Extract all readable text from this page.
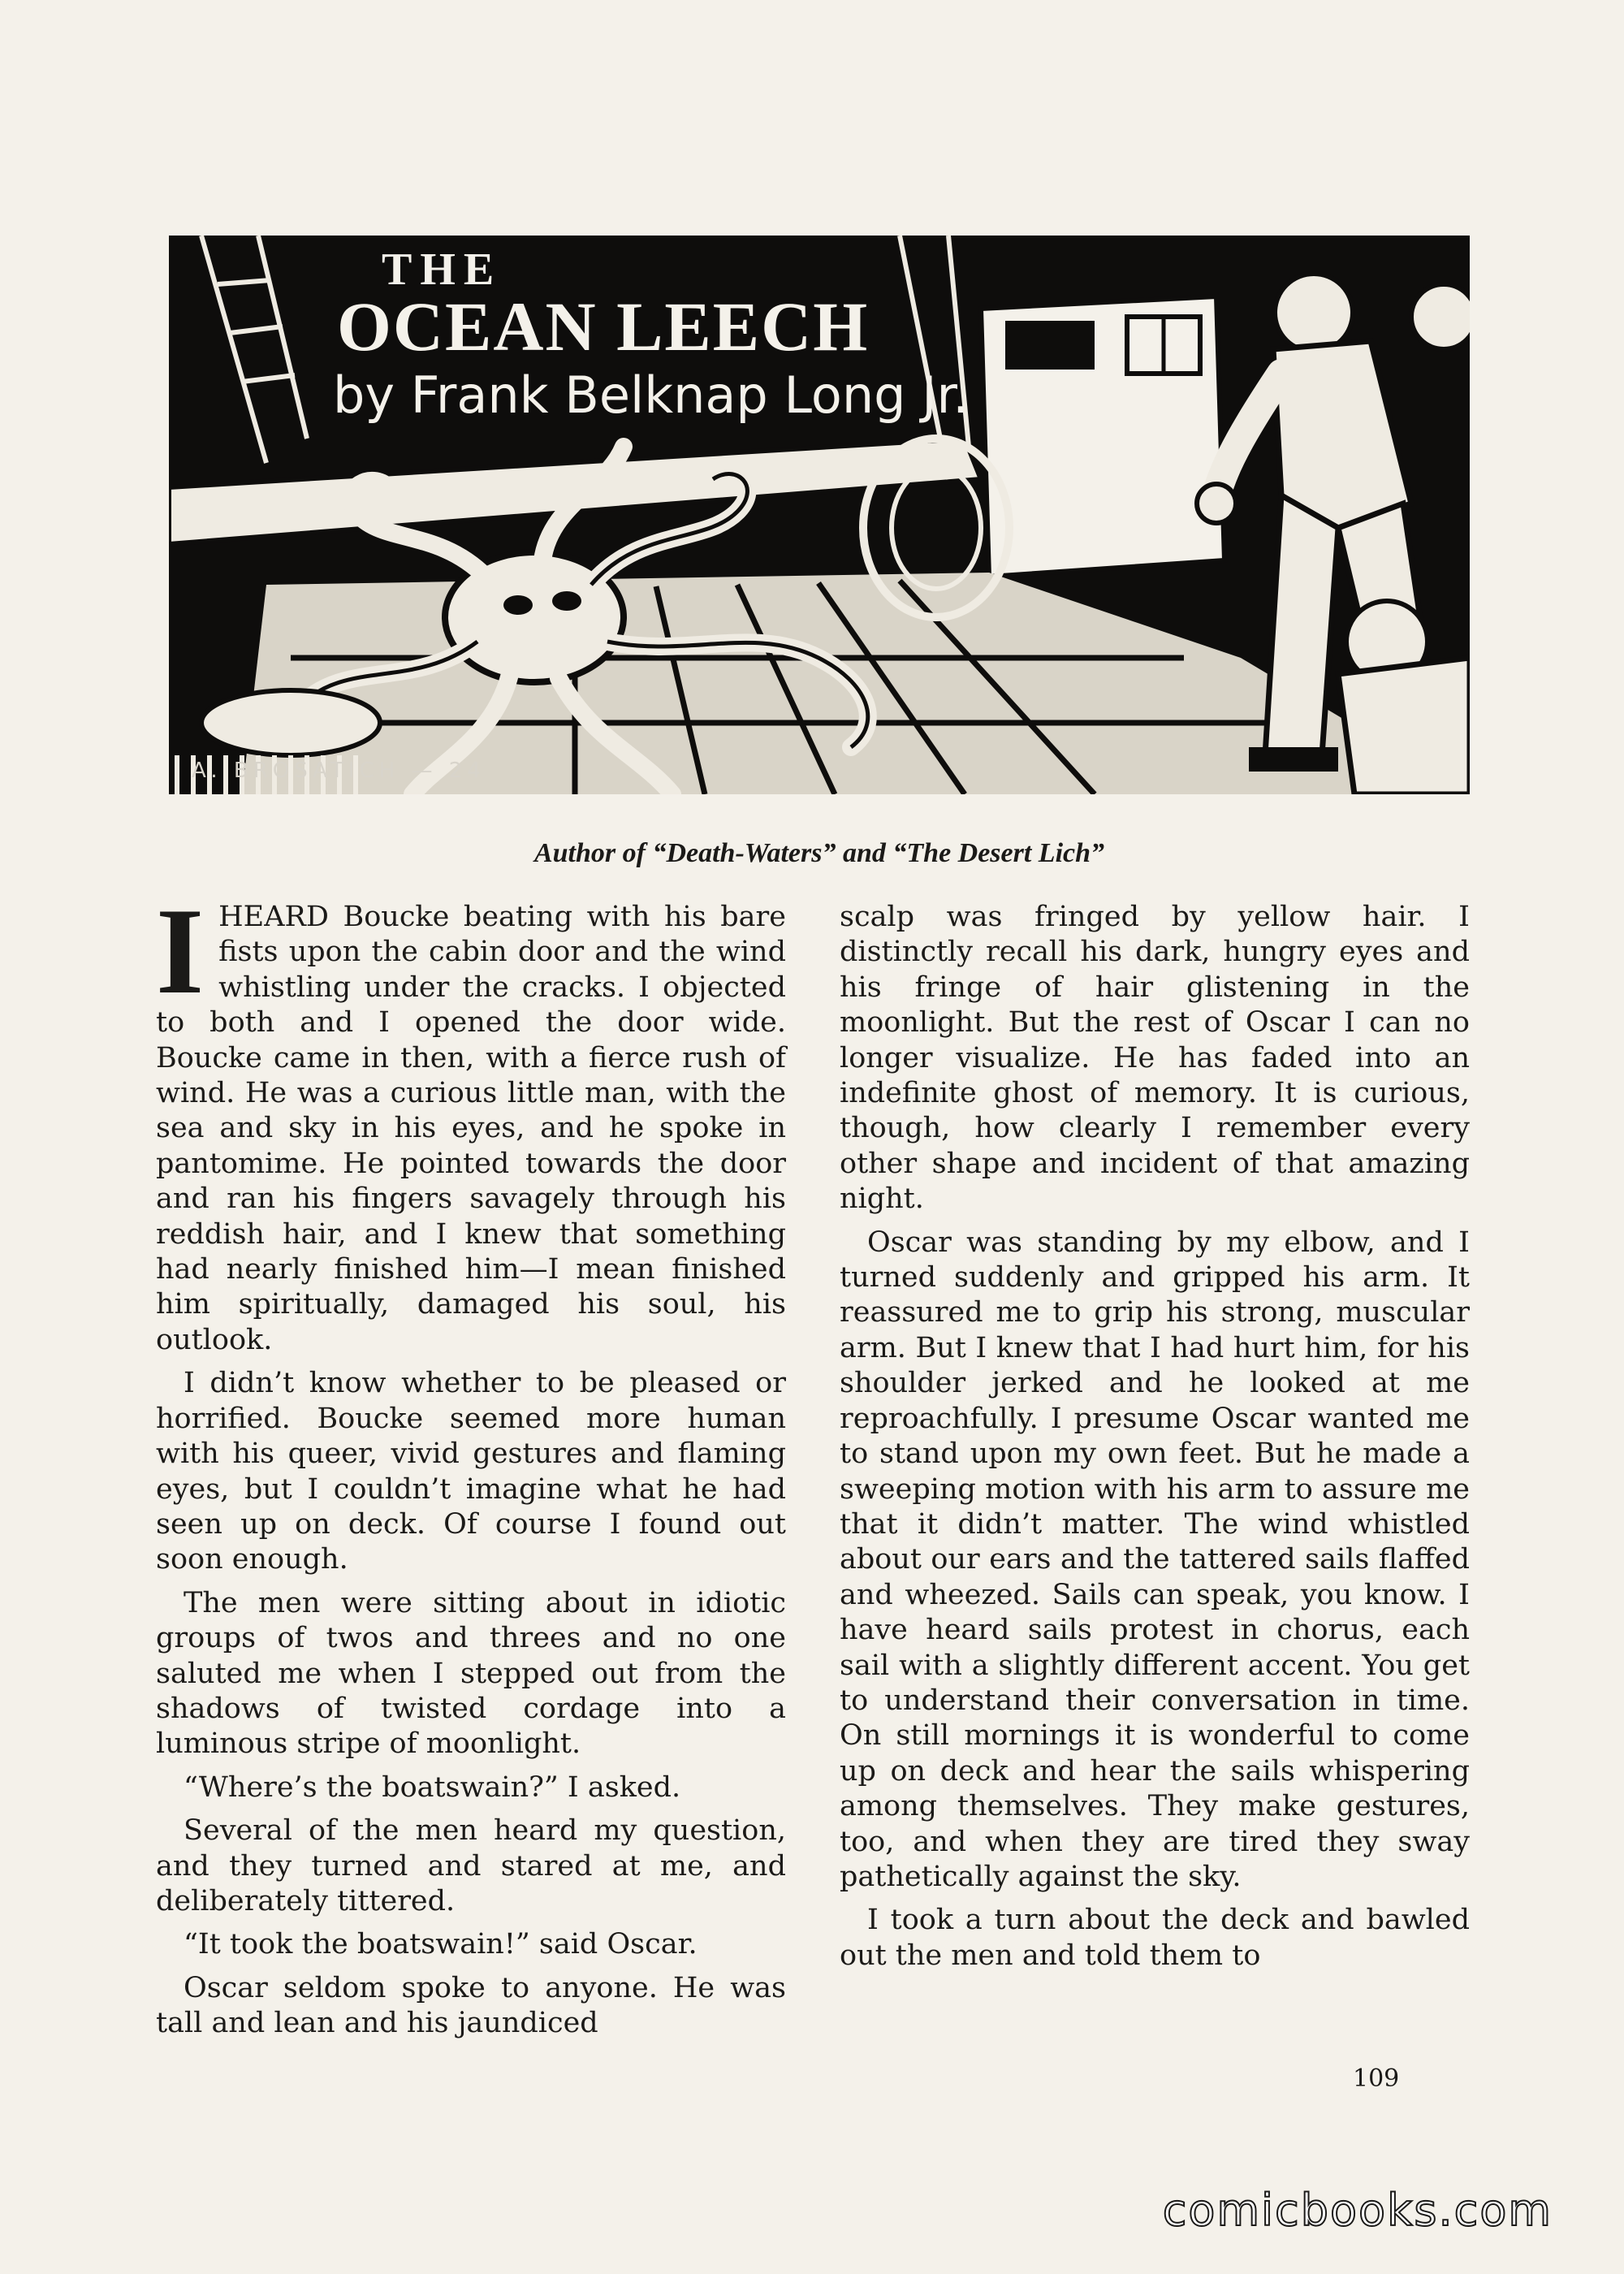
THE
OCEAN LEECH
by Frank Belknap Long Jr.
A. BROSATICH — 24
Author of “Death-Waters” and “The Desert Lich”

IHEARD Boucke beating with his bare fists upon the cabin door and the wind whistling under the cracks. I objected to both and I opened the door wide. Boucke came in then, with a fierce rush of wind. He was a curious little man, with the sea and sky in his eyes, and he spoke in pantomime. He pointed towards the door and ran his fingers savagely through his reddish hair, and I knew that something had nearly finished him—I mean finished him spiritually, damaged his soul, his outlook.

I didn’t know whether to be pleased or horrified. Boucke seemed more human with his queer, vivid gestures and flaming eyes, but I couldn’t imagine what he had seen up on deck. Of course I found out soon enough.

The men were sitting about in idiotic groups of twos and threes and no one saluted me when I stepped out from the shadows of twisted cordage into a luminous stripe of moonlight.

“Where’s the boatswain?” I asked.

Several of the men heard my question, and they turned and stared at me, and deliberately tittered.

“It took the boatswain!” said Oscar.

Oscar seldom spoke to anyone. He was tall and lean and his jaundiced

scalp was fringed by yellow hair. I distinctly recall his dark, hungry eyes and his fringe of hair glistening in the moonlight. But the rest of Oscar I can no longer visualize. He has faded into an indefinite ghost of memory. It is curious, though, how clearly I remember every other shape and incident of that amazing night.

Oscar was standing by my elbow, and I turned suddenly and gripped his arm. It reassured me to grip his strong, muscular arm. But I knew that I had hurt him, for his shoulder jerked and he looked at me reproachfully. I presume Oscar wanted me to stand upon my own feet. But he made a sweeping motion with his arm to assure me that it didn’t matter. The wind whistled about our ears and the tattered sails flaffed and wheezed. Sails can speak, you know. I have heard sails protest in chorus, each sail with a slightly different accent. You get to understand their conversation in time. On still mornings it is wonderful to come up on deck and hear the sails whispering among themselves. They make gestures, too, and when they are tired they sway pathetically against the sky.

I took a turn about the deck and bawled out the men and told them to

109
comicbooks.com
